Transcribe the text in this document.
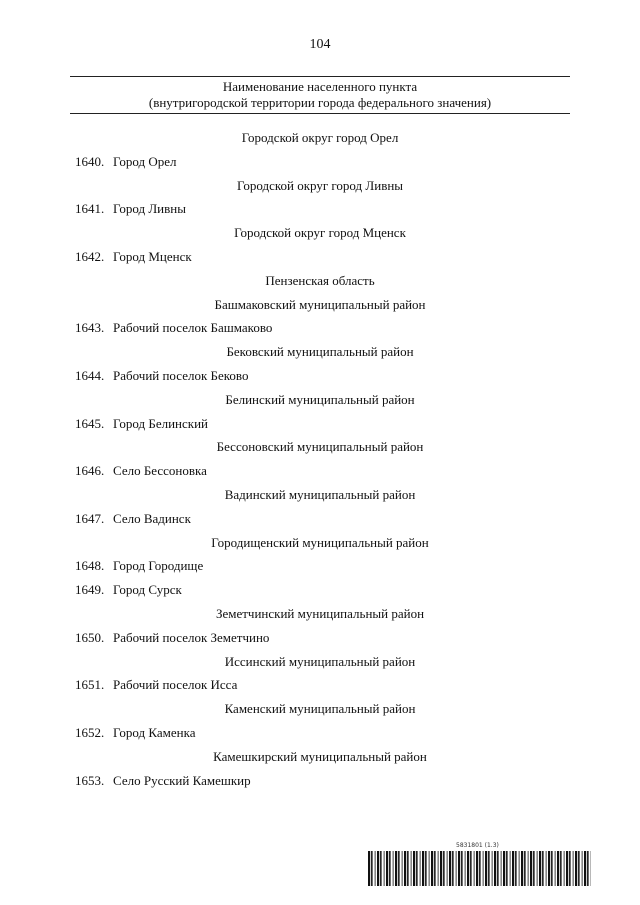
104
Наименование населенного пункта
(внутригородской территории города федерального значения)
Городской округ город Орел
1640. Город Орел
Городской округ город Ливны
1641. Город Ливны
Городской округ город Мценск
1642. Город Мценск
Пензенская область
Башмаковский муниципальный район
1643. Рабочий поселок Башмаково
Бековский муниципальный район
1644. Рабочий поселок Беково
Белинский муниципальный район
1645. Город Белинский
Бессоновский муниципальный район
1646. Село Бессоновка
Вадинский муниципальный район
1647. Село Вадинск
Городищенский муниципальный район
1648. Город Городище
1649. Город Сурск
Земетчинский муниципальный район
1650. Рабочий поселок Земетчино
Иссинский муниципальный район
1651. Рабочий поселок Исса
Каменский муниципальный район
1652. Город Каменка
Камешкирский муниципальный район
1653. Село Русский Камешкир
5831801 (1.3)
